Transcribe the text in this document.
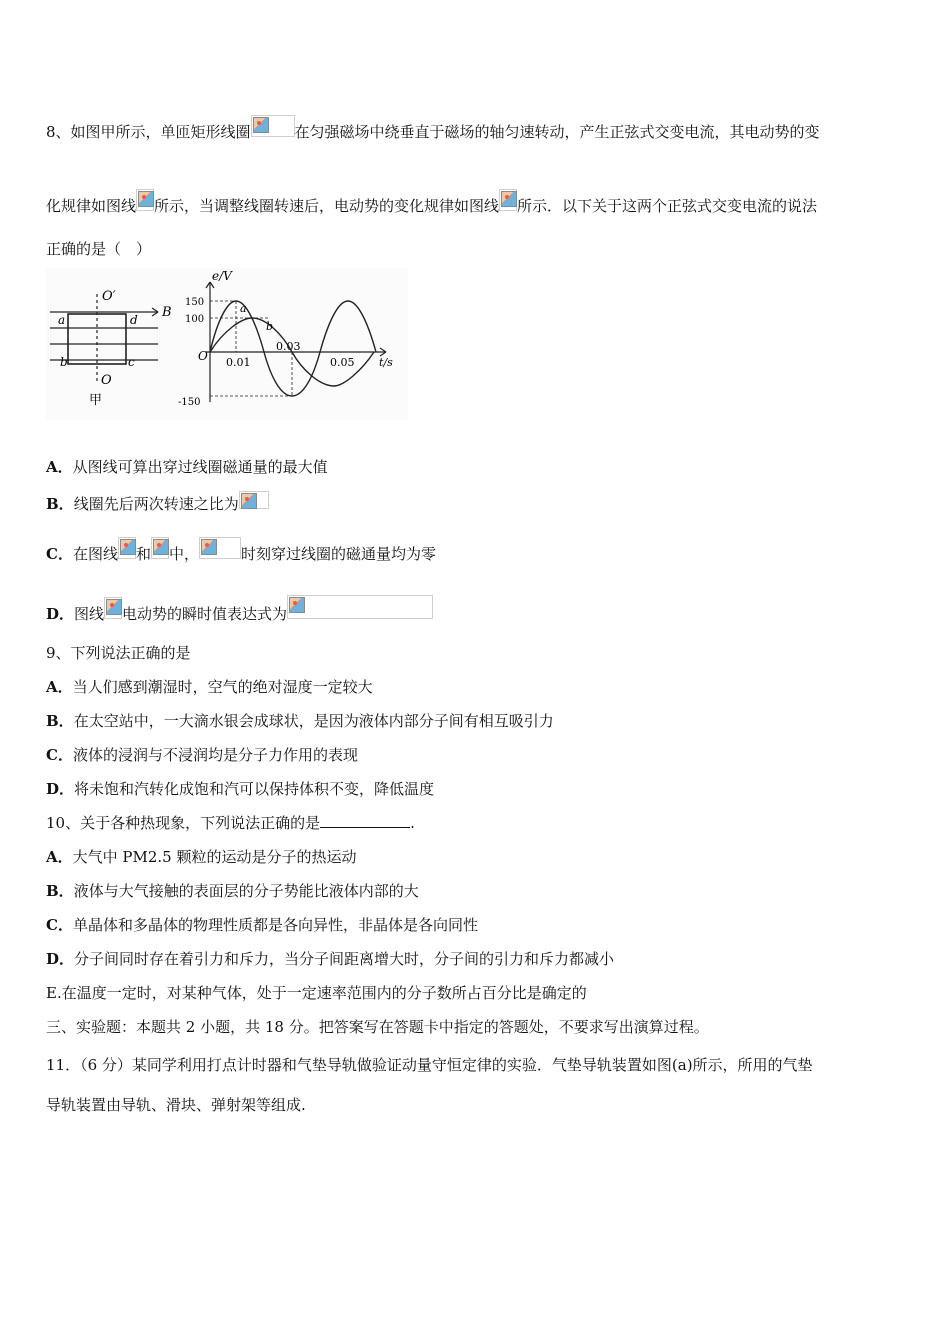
8、如图甲所示，单匝矩形线圈	在匀强磁场中绕垂直于磁场的轴匀速转动，产生正弦式交变电流，其电动势的变
化规律如图线 所示，当调整线圈转速后，电动势的变化规律如图线 所示．以下关于这两个正弦式交变电流的说法
正确的是（　）
O′
B
a	d
b	c
O
甲
e/V
150
100
-150
O 0.01
0.03
0.05 t/s
a
b
A．从图线可算出穿过线圈磁通量的最大值
B．线圈先后两次转速之比为
C．在图线 和 中，	时刻穿过线圈的磁通量均为零
D．图线 电动势的瞬时值表达式为
9、下列说法正确的是
A．当人们感到潮湿时，空气的绝对湿度一定较大
B．在太空站中，一大滴水银会成球状，是因为液体内部分子间有相互吸引力
C．液体的浸润与不浸润均是分子力作用的表现
D．将未饱和汽转化成饱和汽可以保持体积不变，降低温度
10、关于各种热现象，下列说法正确的是	.
A．大气中 PM2.5 颗粒的运动是分子的热运动
B．液体与大气接触的表面层的分子势能比液体内部的大
C．单晶体和多晶体的物理性质都是各向异性，非晶体是各向同性
D．分子间同时存在着引力和斥力，当分子间距离增大时，分子间的引力和斥力都减小
E.在温度一定时，对某种气体，处于一定速率范围内的分子数所占百分比是确定的
三、实验题：本题共 2 小题，共 18 分。把答案写在答题卡中指定的答题处，不要求写出演算过程。
11．（6 分）某同学利用打点计时器和气垫导轨做验证动量守恒定律的实验．气垫导轨装置如图(a)所示，所用的气垫
导轨装置由导轨、滑块、弹射架等组成.
